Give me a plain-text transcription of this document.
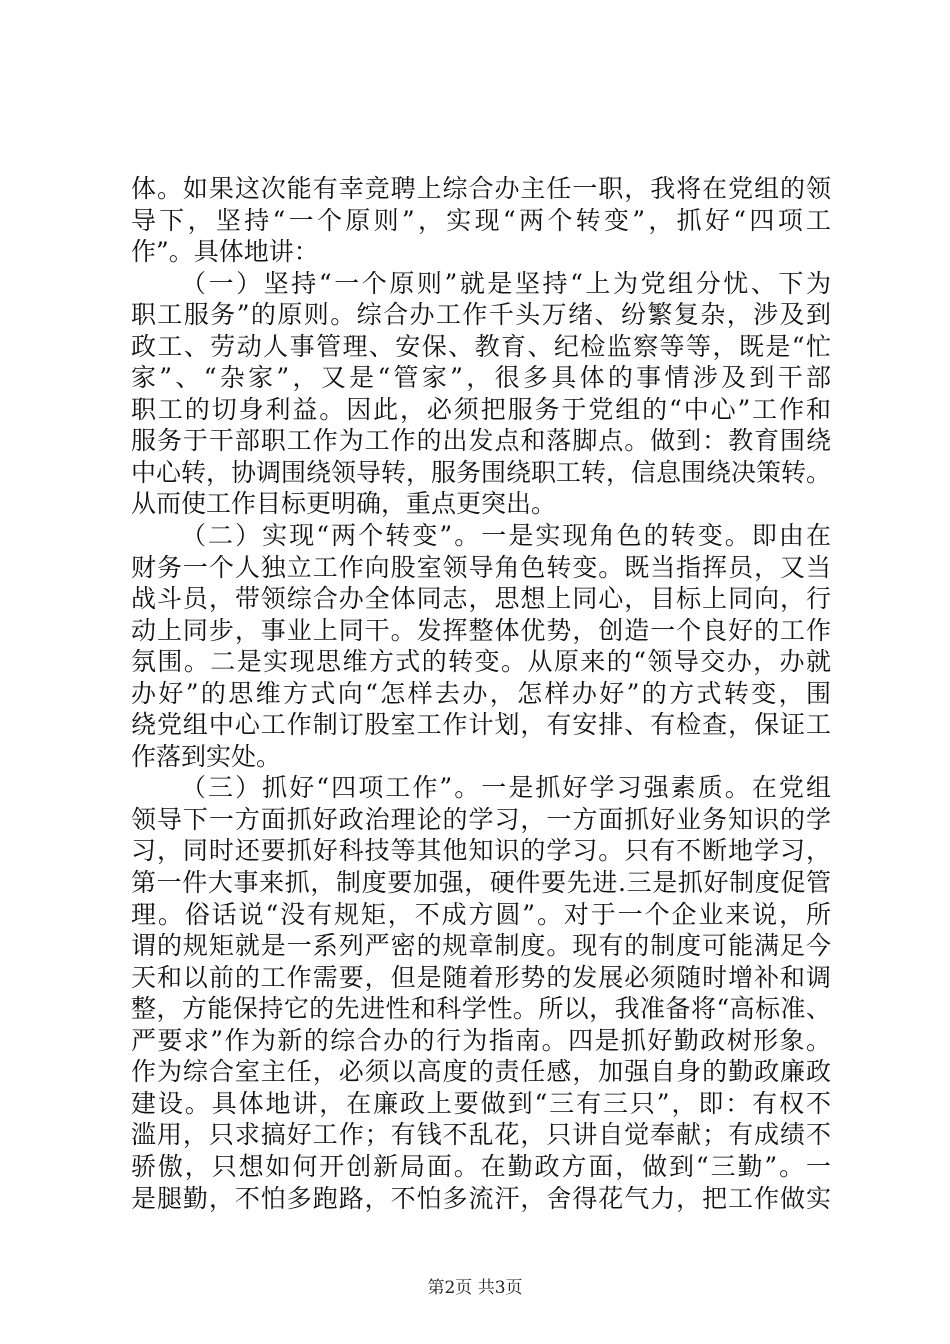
体。如果这次能有幸竞聘上综合办主任一职，我将在党组的领
导下，坚持“一个原则”，实现“两个转变”，抓好“四项工
作”。具体地讲：
（一）坚持“一个原则”就是坚持“上为党组分忧、下为
职工服务”的原则。综合办工作千头万绪、纷繁复杂，涉及到
政工、劳动人事管理、安保、教育、纪检监察等等，既是“忙
家”、“杂家”，又是“管家”，很多具体的事情涉及到干部
职工的切身利益。因此，必须把服务于党组的“中心”工作和
服务于干部职工作为工作的出发点和落脚点。做到：教育围绕
中心转，协调围绕领导转，服务围绕职工转，信息围绕决策转。
从而使工作目标更明确，重点更突出。
（二）实现“两个转变”。一是实现角色的转变。即由在
财务一个人独立工作向股室领导角色转变。既当指挥员，又当
战斗员，带领综合办全体同志，思想上同心，目标上同向，行
动上同步，事业上同干。发挥整体优势，创造一个良好的工作
氛围。二是实现思维方式的转变。从原来的“领导交办，办就
办好”的思维方式向“怎样去办，怎样办好”的方式转变，围
绕党组中心工作制订股室工作计划，有安排、有检查，保证工
作落到实处。
（三）抓好“四项工作”。一是抓好学习强素质。在党组
领导下一方面抓好政治理论的学习，一方面抓好业务知识的学
习，同时还要抓好科技等其他知识的学习。只有不断地学习，
第一件大事来抓，制度要加强，硬件要先进.三是抓好制度促管
理。俗话说“没有规矩，不成方圆”。对于一个企业来说，所
谓的规矩就是一系列严密的规章制度。现有的制度可能满足今
天和以前的工作需要，但是随着形势的发展必须随时增补和调
整，方能保持它的先进性和科学性。所以，我准备将“高标准、
严要求”作为新的综合办的行为指南。四是抓好勤政树形象。
作为综合室主任，必须以高度的责任感，加强自身的勤政廉政
建设。具体地讲，在廉政上要做到“三有三只”，即：有权不
滥用，只求搞好工作；有钱不乱花，只讲自觉奉献；有成绩不
骄傲，只想如何开创新局面。在勤政方面，做到“三勤”。一
是腿勤，不怕多跑路，不怕多流汗，舍得花气力，把工作做实
第2页 共3页
